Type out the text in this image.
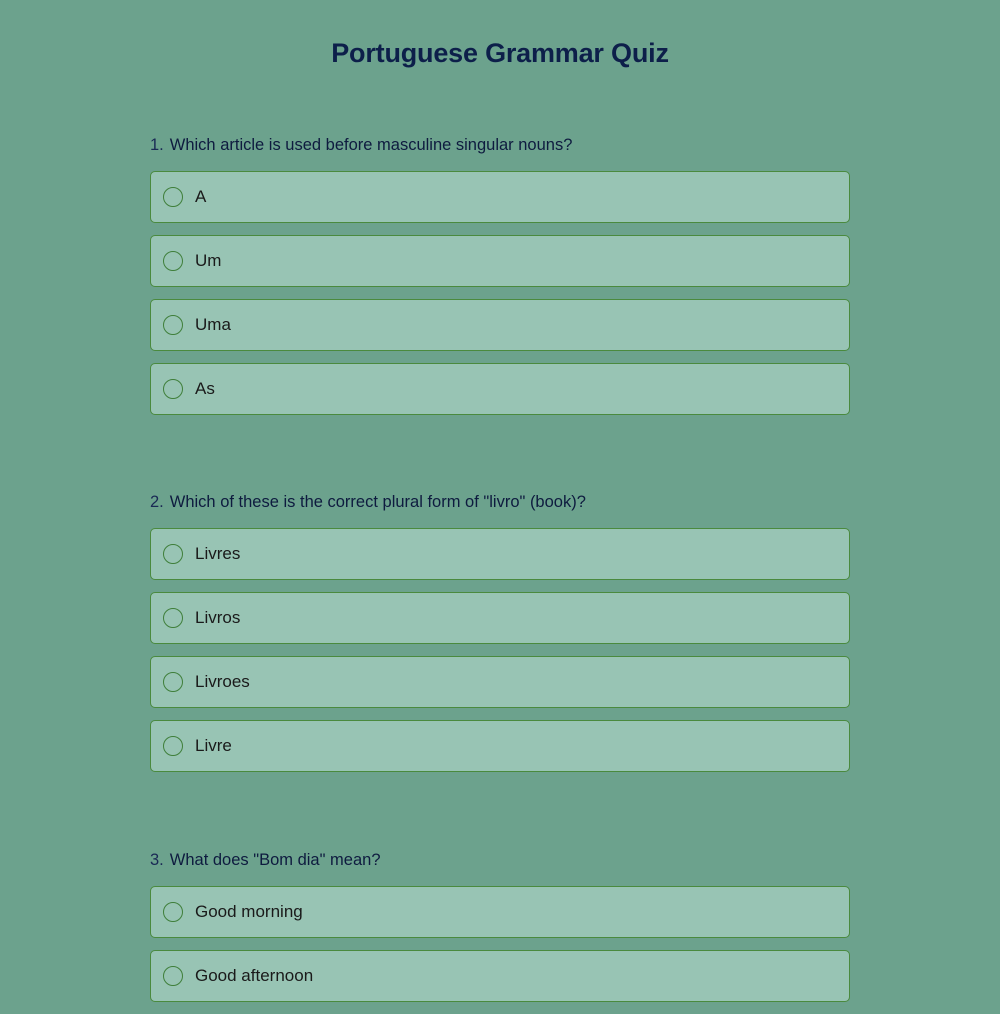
Portuguese Grammar Quiz
1. Which article is used before masculine singular nouns?
A
Um
Uma
As
2. Which of these is the correct plural form of "livro" (book)?
Livres
Livros
Livroes
Livre
3. What does "Bom dia" mean?
Good morning
Good afternoon
